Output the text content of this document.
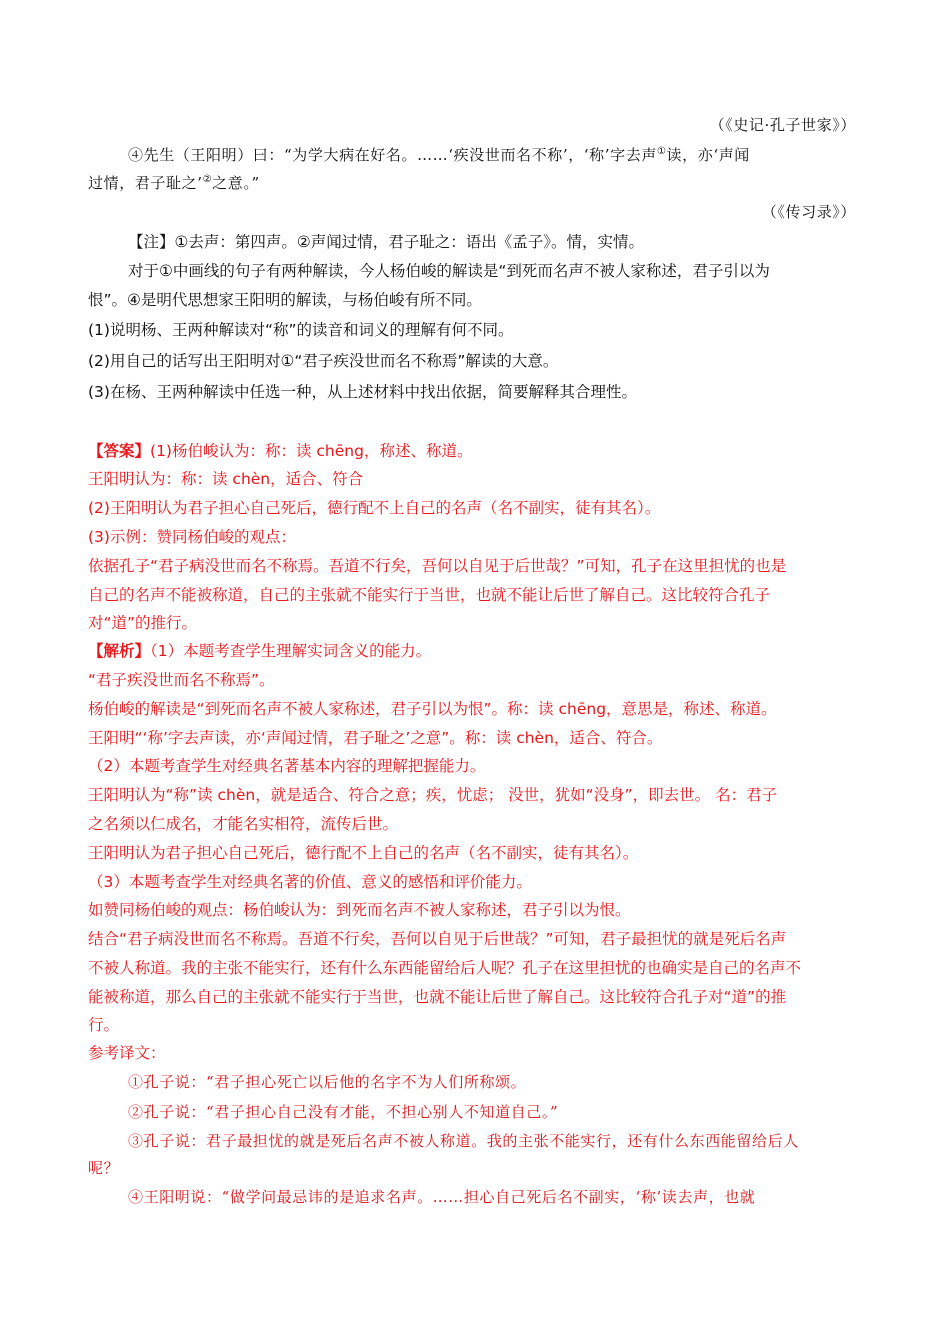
（《史记·孔子世家》）
④先生（王阳明）曰：“为学大病在好名。……‘疾没世而名不称’，‘称’字去声①读，亦‘声闻
过情，君子耻之’②之意。”
（《传习录》）
【注】①去声：第四声。②声闻过情，君子耻之：语出《孟子》。情，实情。
对于①中画线的句子有两种解读，今人杨伯峻的解读是“到死而名声不被人家称述，君子引以为
恨”。④是明代思想家王阳明的解读，与杨伯峻有所不同。
(1)说明杨、王两种解读对“称”的读音和词义的理解有何不同。
(2)用自己的话写出王阳明对①“君子疾没世而名不称焉”解读的大意。
(3)在杨、王两种解读中任选一种，从上述材料中找出依据，简要解释其合理性。
【答案】(1)杨伯峻认为：称：读 chēng，称述、称道。
王阳明认为：称：读 chèn，适合、符合
(2)王阳明认为君子担心自己死后，德行配不上自己的名声（名不副实，徒有其名）。
(3)示例：赞同杨伯峻的观点：
依据孔子“君子病没世而名不称焉。吾道不行矣，吾何以自见于后世哉？”可知，孔子在这里担忧的也是
自己的名声不能被称道，自己的主张就不能实行于当世，也就不能让后世了解自己。这比较符合孔子
对“道”的推行。
【解析】（1）本题考查学生理解实词含义的能力。
“君子疾没世而名不称焉”。
杨伯峻的解读是“到死而名声不被人家称述，君子引以为恨”。称：读 chēng，意思是，称述、称道。
王阳明“‘称’字去声读，亦‘声闻过情，君子耻之’之意”。称：读 chèn，适合、符合。
（2）本题考查学生对经典名著基本内容的理解把握能力。
王阳明认为“称”读 chèn，就是适合、符合之意；疾，忧虑； 没世，犹如“没身”，即去世。 名：君子
之名须以仁成名，才能名实相符，流传后世。
王阳明认为君子担心自己死后，德行配不上自己的名声（名不副实，徒有其名）。
（3）本题考查学生对经典名著的价值、意义的感悟和评价能力。
如赞同杨伯峻的观点：杨伯峻认为：到死而名声不被人家称述，君子引以为恨。
结合“君子病没世而名不称焉。吾道不行矣，吾何以自见于后世哉？”可知，君子最担忧的就是死后名声
不被人称道。我的主张不能实行，还有什么东西能留给后人呢？孔子在这里担忧的也确实是自己的名声不
能被称道，那么自己的主张就不能实行于当世，也就不能让后世了解自己。这比较符合孔子对“道”的推
行。
参考译文：
①孔子说：“君子担心死亡以后他的名字不为人们所称颂。
②孔子说：“君子担心自己没有才能，不担心别人不知道自己。”
③孔子说：君子最担忧的就是死后名声不被人称道。我的主张不能实行，还有什么东西能留给后人
呢？
④王阳明说：“做学问最忌讳的是追求名声。……担心自己死后名不副实，‘称’读去声，也就
